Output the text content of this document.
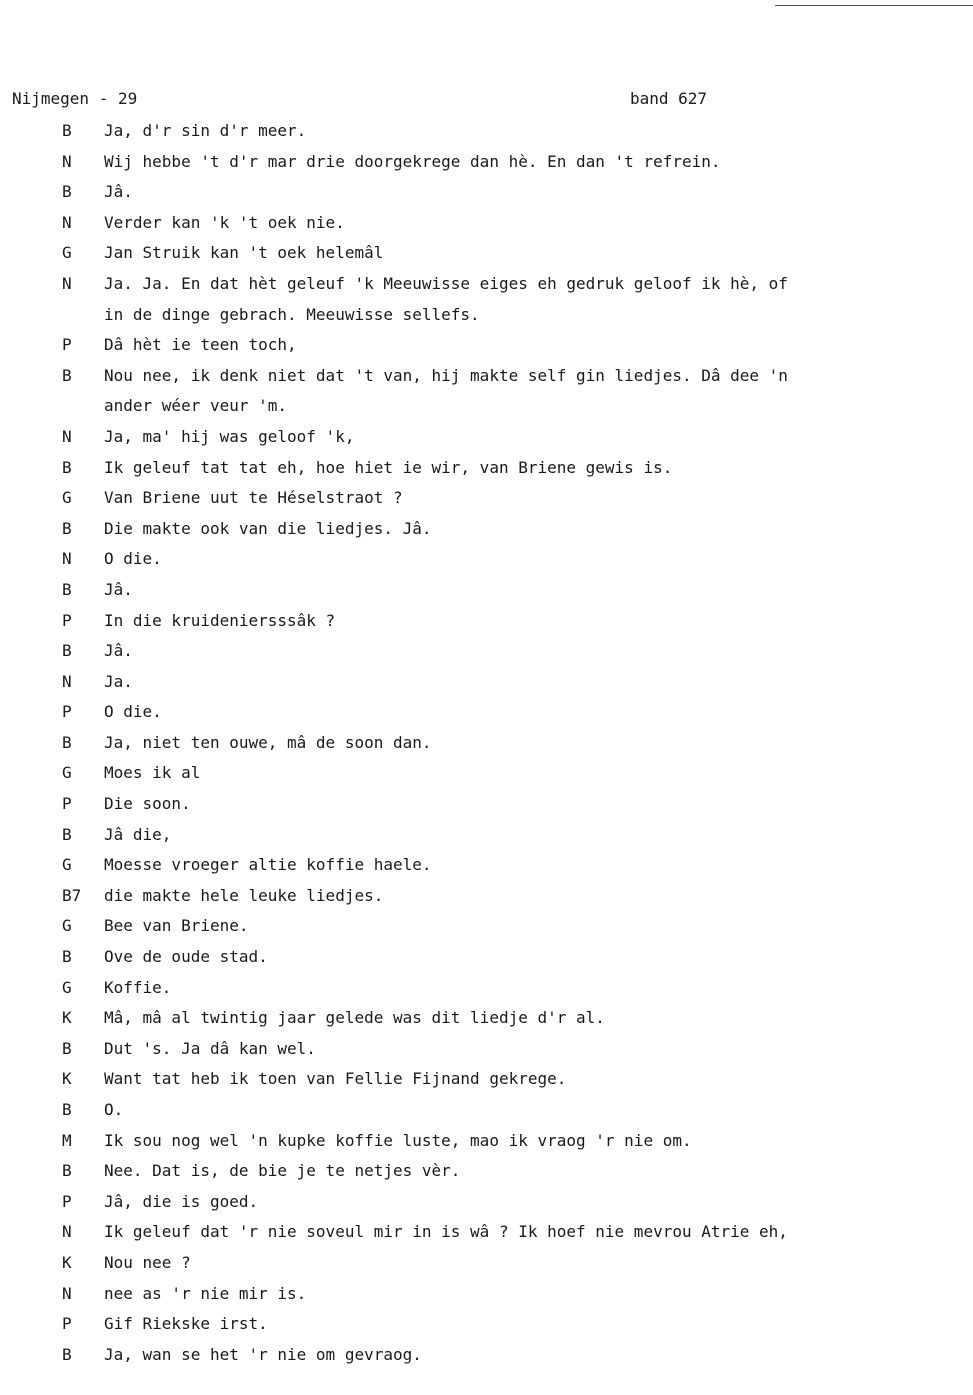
Nijmegen - 29	band 627
B	Ja, d'r sin d'r meer.
N	Wij hebbe 't d'r mar drie doorgekrege dan hè. En dan 't refrein.
B	Jâ.
N	Verder kan 'k 't oek nie.
G	Jan Struik kan 't oek helemâl
N	Ja. Ja. En dat hèt geleuf 'k Meeuwisse eiges eh gedruk geloof ik hè, of
in de dinge gebrach. Meeuwisse sellefs.
P	Dâ hèt ie teen toch,
B	Nou nee, ik denk niet dat 't van, hij makte self gin liedjes. Dâ dee 'n
ander wéer veur 'm.
N	Ja, ma' hij was geloof 'k,
B	Ik geleuf tat tat eh, hoe hiet ie wir, van Briene gewis is.
G	Van Briene uut te Héselstraot ?
B	Die makte ook van die liedjes. Jâ.
N	O die.
B	Jâ.
P	In die kruideniersssâk ?
B	Jâ.
N	Ja.
P	O die.
B	Ja, niet ten ouwe, mâ de soon dan.
G	Moes ik al
P	Die soon.
B	Jâ die,
G	Moesse vroeger altie koffie haele.
B7	die makte hele leuke liedjes.
G	Bee van Briene.
B	Ove de oude stad.
G	Koffie.
K	Mâ, mâ al twintig jaar gelede was dit liedje d'r al.
B	Dut 's. Ja dâ kan wel.
K	Want tat heb ik toen van Fellie Fijnand gekrege.
B	O.
M	Ik sou nog wel 'n kupke koffie luste, mao ik vraog 'r nie om.
B	Nee. Dat is, de bie je te netjes vèr.
P	Jâ, die is goed.
N	Ik geleuf dat 'r nie soveul mir in is wâ ? Ik hoef nie mevrou Atrie eh,
K	Nou nee ?
N	nee as 'r nie mir is.
P	Gif Riekske irst.
B	Ja, wan se het 'r nie om gevraog.
